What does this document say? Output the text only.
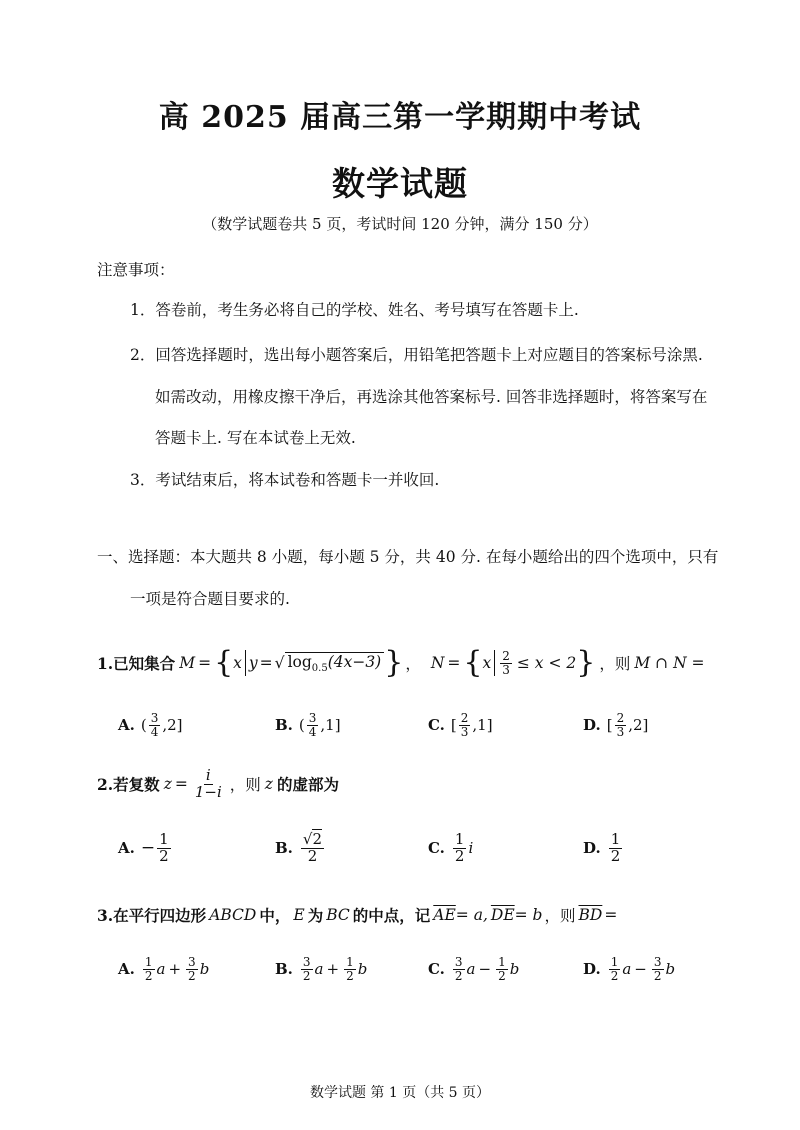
高 2025 届高三第一学期期中考试
数学试题
（数学试题卷共 5 页，考试时间 120 分钟，满分 150 分）
注意事项：
1．答卷前，考生务必将自己的学校、姓名、考号填写在答题卡上.
2．回答选择题时，选出每小题答案后，用铅笔把答题卡上对应题目的答案标号涂黑.
如需改动，用橡皮擦干净后，再选涂其他答案标号. 回答非选择题时，将答案写在
答题卡上. 写在本试卷上无效.
3．考试结束后，将本试卷和答题卡一并收回.
一、选择题：本大题共 8 小题，每小题 5 分，共 40 分. 在每小题给出的四个选项中，只有
一项是符合题目要求的.
1.已知集合 M = { x y = √ $\log_{0.5}(4x-3)$ } ， N = { x $\frac{2}{3} \le x < 2$ } ，则 M ∩ N =
A. ( $\frac{3}{4} ,2$]	B. ( $\frac{3}{4} ,1$]	C. [ $\frac{2}{3} ,1$]	D. [ $\frac{2}{3} ,2$]
2.若复数 $z = \frac{i}{1-i}$ ，则 z 的虚部为
A. − $\frac{1}{2}$	B. $\frac{√2}{2}$	C. $\frac{1}{2}$ i	D. $\frac{1}{2}$
3.在平行四边形 ABCD 中， E 为 BC 的中点，记 $\overline{AE} = a$ , $\overline{DE} = b$ ，则 $\overline{BD}$ =
A. $\frac{1}{2}$ $a + \frac{3}{2}$ b	B. $\frac{3}{2}$ $a + \frac{1}{2}$ b	C. $\frac{3}{2}$ $a - \frac{1}{2}$ b	D. $\frac{1}{2}$ $a - \frac{3}{2}$ b
数学试题 第 1 页（共 5 页）
